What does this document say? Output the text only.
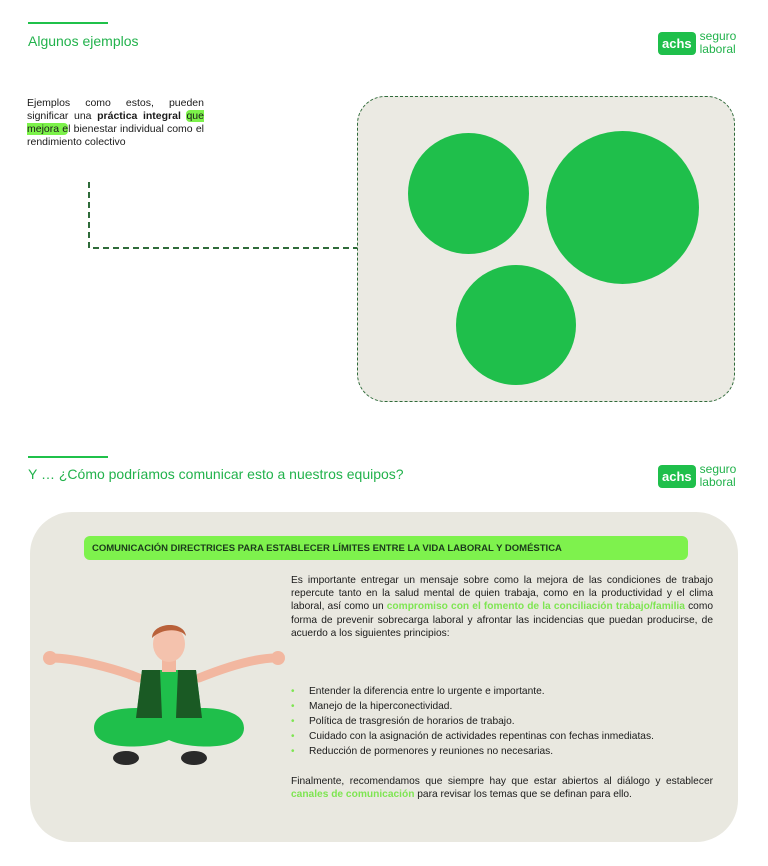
Algunos ejemplos	achs seguro
laboral
Ejemplos como estos, pueden significar una práctica integral que mejora el bienestar individual como el rendimiento colectivo
Y … ¿Cómo podríamos comunicar esto a nuestros equipos?	achs seguro
laboral
COMUNICACIÓN DIRECTRICES PARA ESTABLECER LÍMITES ENTRE LA VIDA LABORAL Y DOMÉSTICA
Es importante entregar un mensaje sobre como la mejora de las condiciones de trabajo repercute tanto en la salud mental de quien trabaja, como en la productividad y el clima laboral, así como un compromiso con el fomento de la conciliación trabajo/familia como forma de prevenir sobrecarga laboral y afrontar las incidencias que puedan producirse, de acuerdo a los siguientes principios:
• Entender la diferencia entre lo urgente e importante.
• Manejo de la hiperconectividad.
• Política de trasgresión de horarios de trabajo.
• Cuidado con la asignación de actividades repentinas con fechas inmediatas.
• Reducción de pormenores y reuniones no necesarias.
Finalmente, recomendamos que siempre hay que estar abiertos al diálogo y establecer canales de comunicación para revisar los temas que se definan para ello.
